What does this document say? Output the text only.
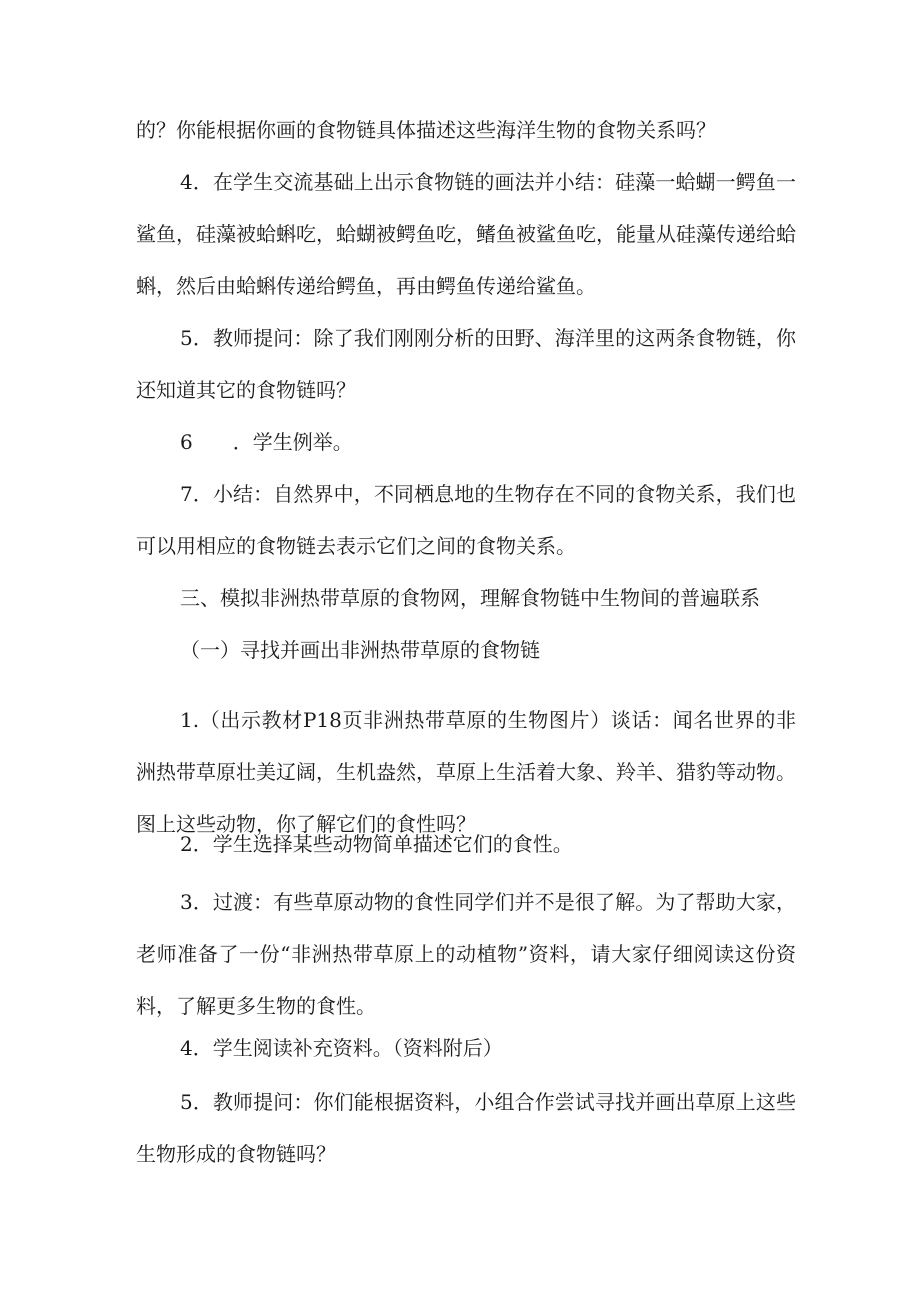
的？你能根据你画的食物链具体描述这些海洋生物的食物关系吗？

4．在学生交流基础上出示食物链的画法并小结：硅藻一蛤蝴一鳄鱼一鲨鱼，硅藻被蛤蝌吃，蛤蝴被鳄鱼吃，鳍鱼被鲨鱼吃，能量从硅藻传递给蛤蝌，然后由蛤蝌传递给鳄鱼，再由鳄鱼传递给鲨鱼。

5．教师提问：除了我们刚刚分析的田野、海洋里的这两条食物链，你还知道其它的食物链吗？

6　　．学生例举。

7．小结：自然界中，不同栖息地的生物存在不同的食物关系，我们也可以用相应的食物链去表示它们之间的食物关系。

三、模拟非洲热带草原的食物网，理解食物链中生物间的普遍联系

（一）寻找并画出非洲热带草原的食物链

1.（出示教材P18页非洲热带草原的生物图片）谈话：闻名世界的非洲热带草原壮美辽阔，生机盎然，草原上生活着大象、羚羊、猎豹等动物。图上这些动物，你了解它们的食性吗？

2．学生选择某些动物简单描述它们的食性。

3．过渡：有些草原动物的食性同学们并不是很了解。为了帮助大家，老师准备了一份“非洲热带草原上的动植物”资料，请大家仔细阅读这份资料，了解更多生物的食性。

4．学生阅读补充资料。（资料附后）

5．教师提问：你们能根据资料，小组合作尝试寻找并画出草原上这些生物形成的食物链吗？
